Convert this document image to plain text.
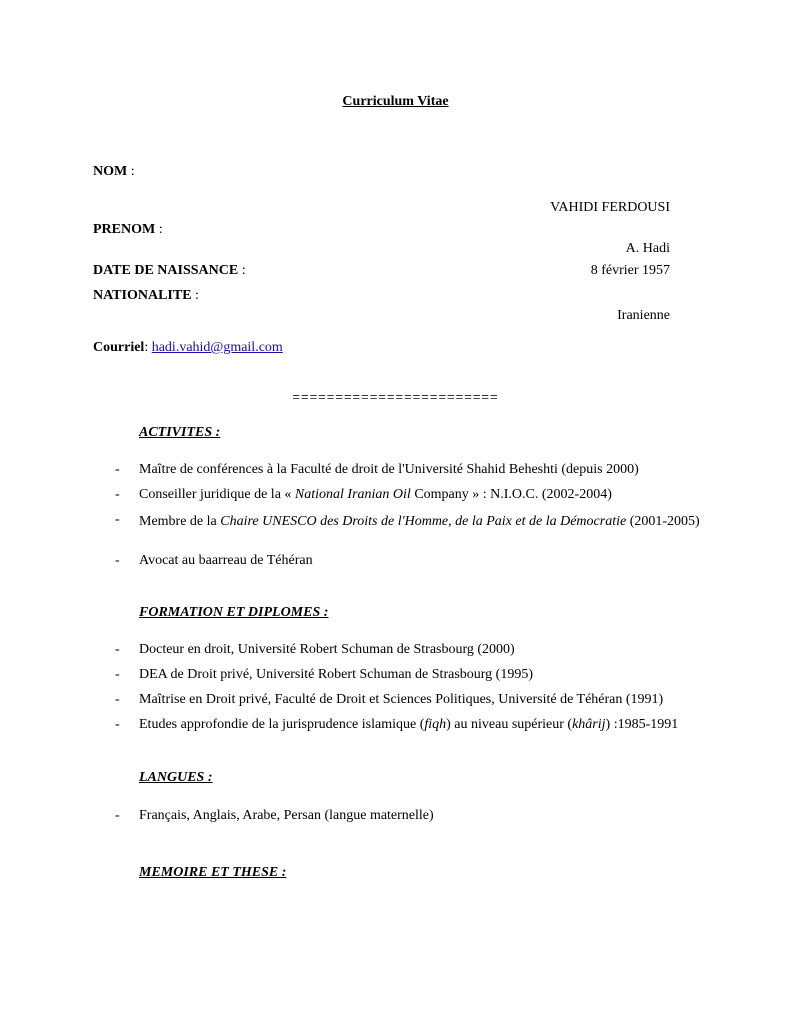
Curriculum Vitae
NOM :
VAHIDI FERDOUSI
PRENOM :
A. Hadi
DATE DE NAISSANCE :	8 février 1957
NATIONALITE :
Iranienne
Courriel: hadi.vahid@gmail.com
========================
ACTIVITES :
- Maître de conférences à la Faculté de droit de l'Université Shahid Beheshti (depuis 2000)
- Conseiller juridique de la « National Iranian Oil Company » : N.I.O.C. (2002-2004)
- Membre de la Chaire UNESCO des Droits de l'Homme, de la Paix et de la Démocratie (2001-2005)
- Avocat au baarreau de Téhéran
FORMATION ET DIPLOMES :
- Docteur en droit, Université Robert Schuman de Strasbourg (2000)
- DEA de Droit privé, Université Robert Schuman de Strasbourg (1995)
- Maîtrise en Droit privé, Faculté de Droit et Sciences Politiques, Université de Téhéran (1991)
- Etudes approfondie de la jurisprudence islamique (fiqh) au niveau supérieur (khârij) :1985-1991
LANGUES :
- Français, Anglais, Arabe, Persan (langue maternelle)
MEMOIRE ET THESE :
